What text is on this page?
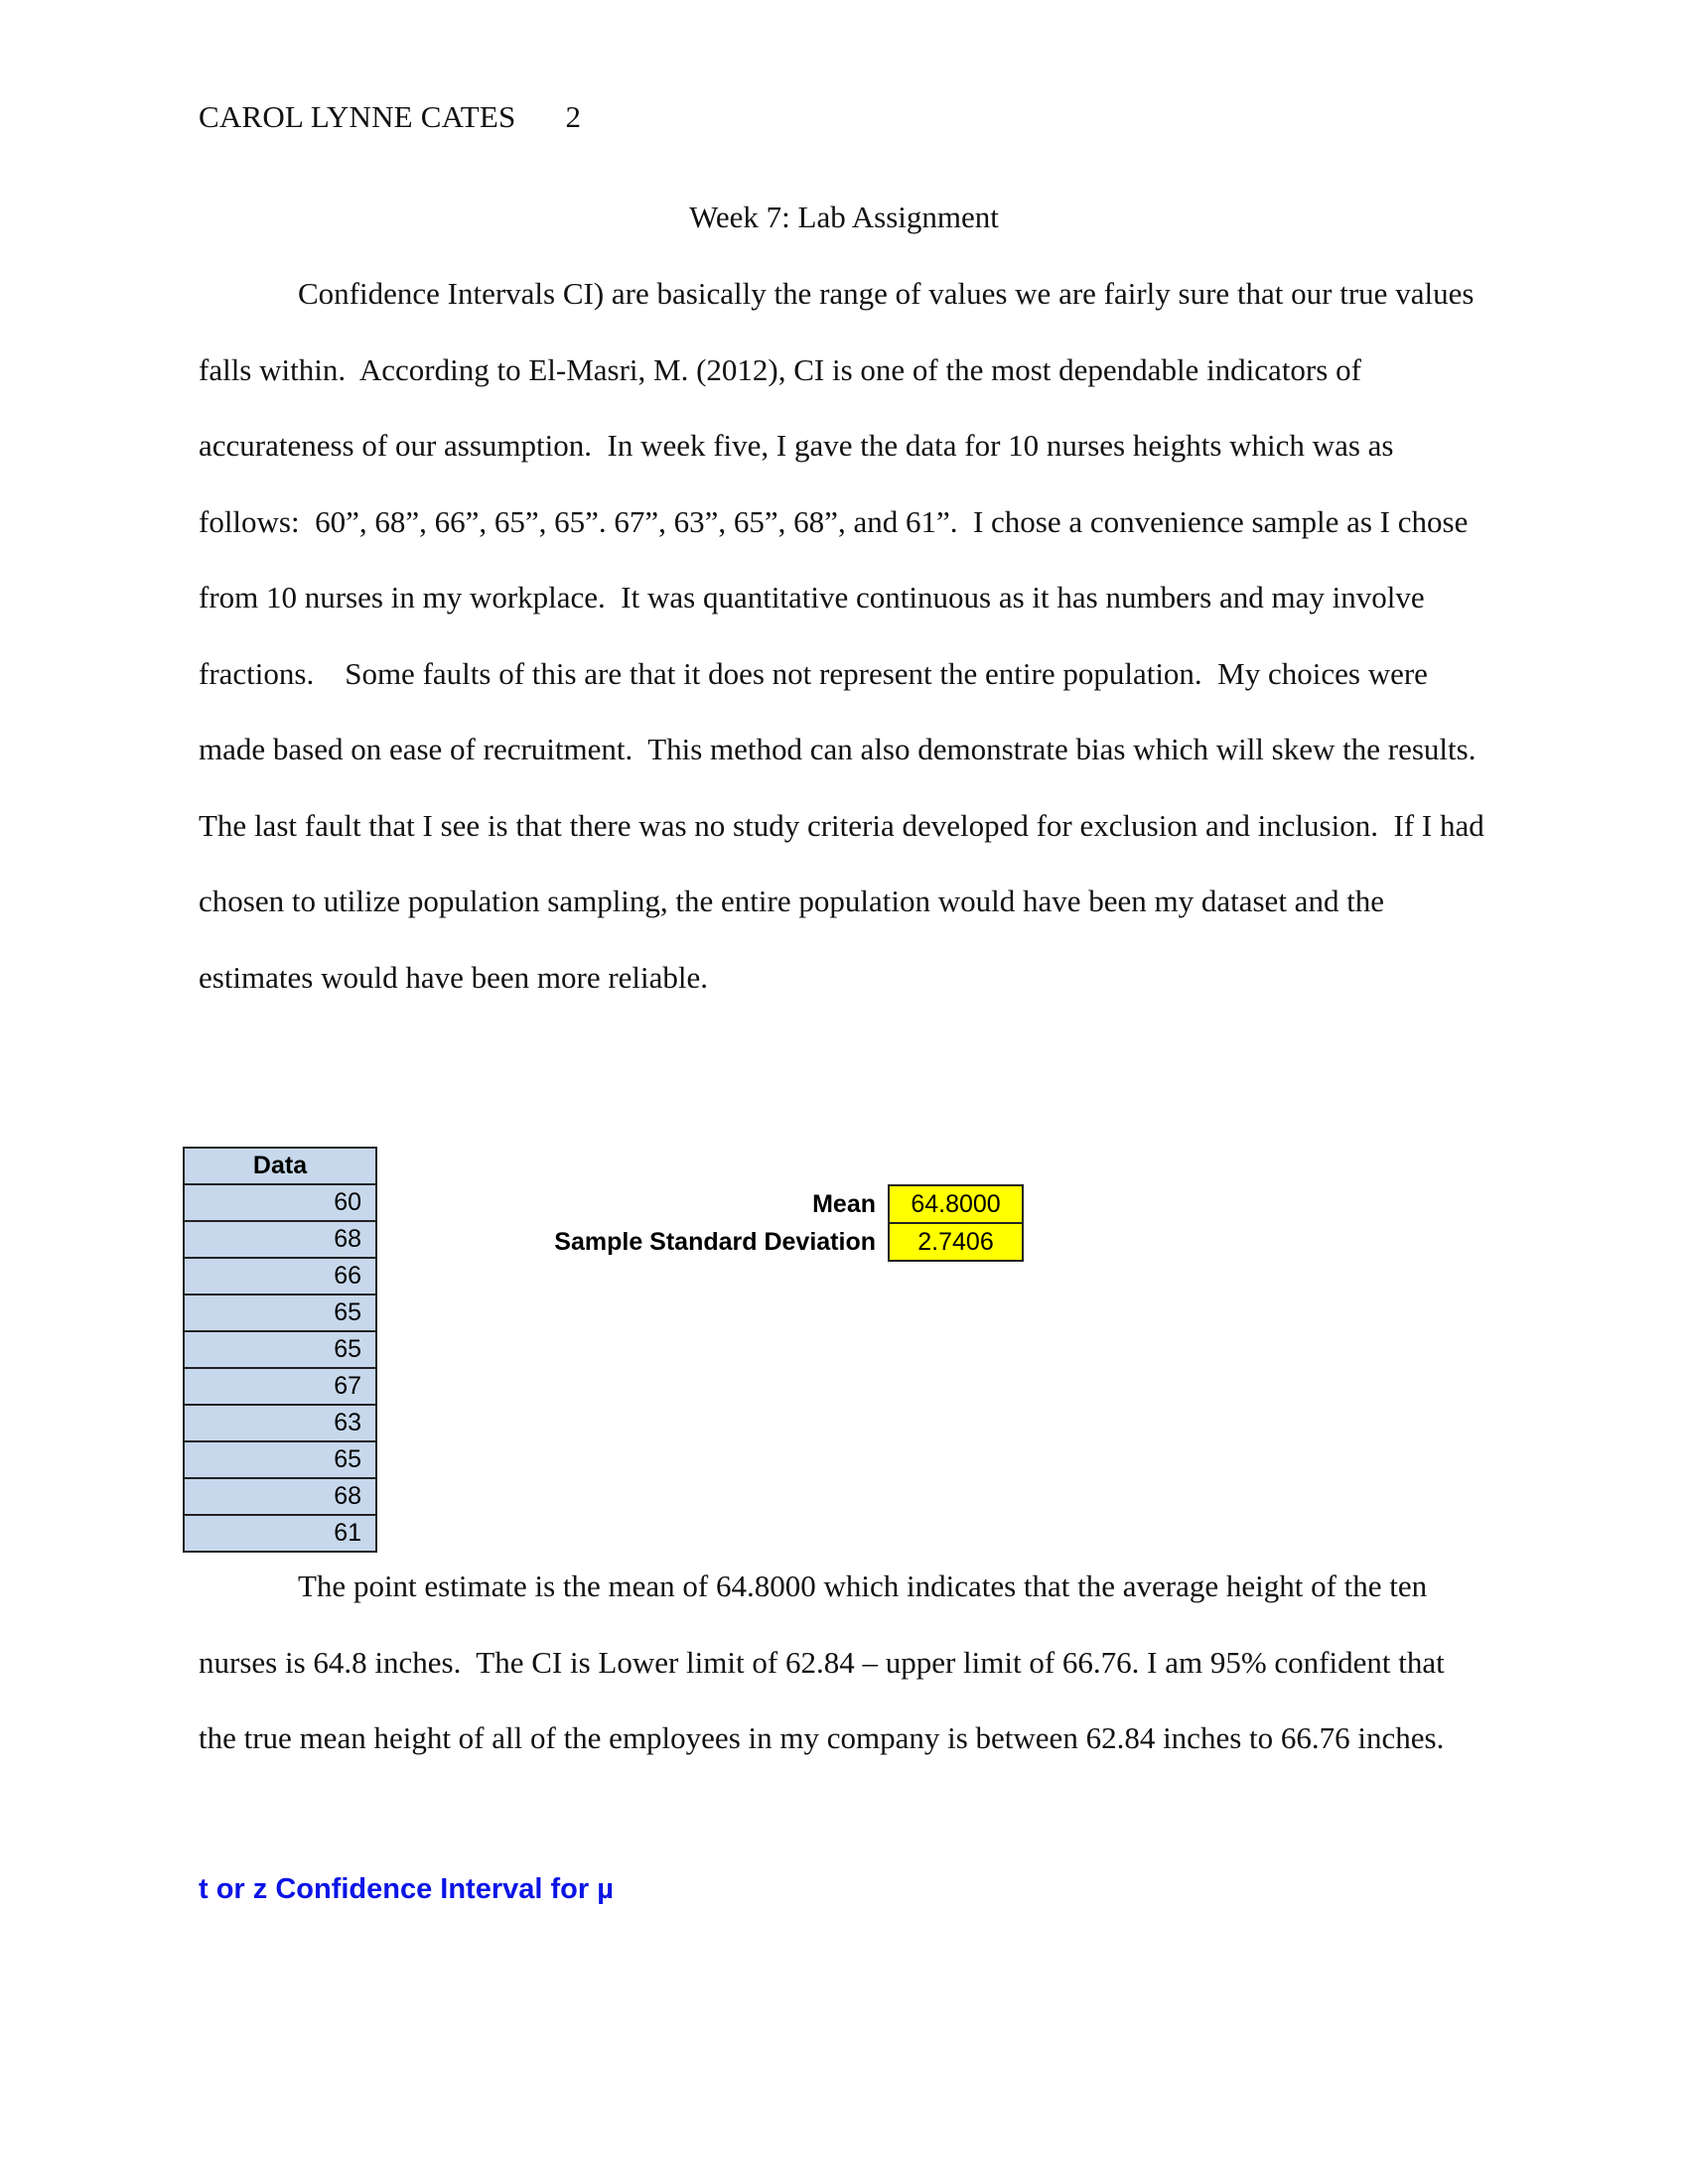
CAROL LYNNE CATES 2
Week 7: Lab Assignment

Confidence Intervals CI) are basically the range of values we are fairly sure that our true values falls within.  According to El-Masri, M. (2012), CI is one of the most dependable indicators of accurateness of our assumption.  In week five, I gave the data for 10 nurses heights which was as follows:  60”, 68”, 66”, 65”, 65”. 67”, 63”, 65”, 68”, and 61”.  I chose a convenience sample as I chose from 10 nurses in my workplace.  It was quantitative continuous as it has numbers and may involve fractions.    Some faults of this are that it does not represent the entire population.  My choices were made based on ease of recruitment.  This method can also demonstrate bias which will skew the results.  The last fault that I see is that there was no study criteria developed for exclusion and inclusion.  If I had chosen to utilize population sampling, the entire population would have been my dataset and the estimates would have been more reliable.

Data
60
68
66
65
65
67
63
65
68
61
Mean	64.8000
Sample Standard Deviation	2.7406

The point estimate is the mean of 64.8000 which indicates that the average height of the ten nurses is 64.8 inches.  The CI is Lower limit of 62.84 – upper limit of 66.76. I am 95% confident that the true mean height of all of the employees in my company is between 62.84 inches to 66.76 inches.

t or z Confidence Interval for µ
